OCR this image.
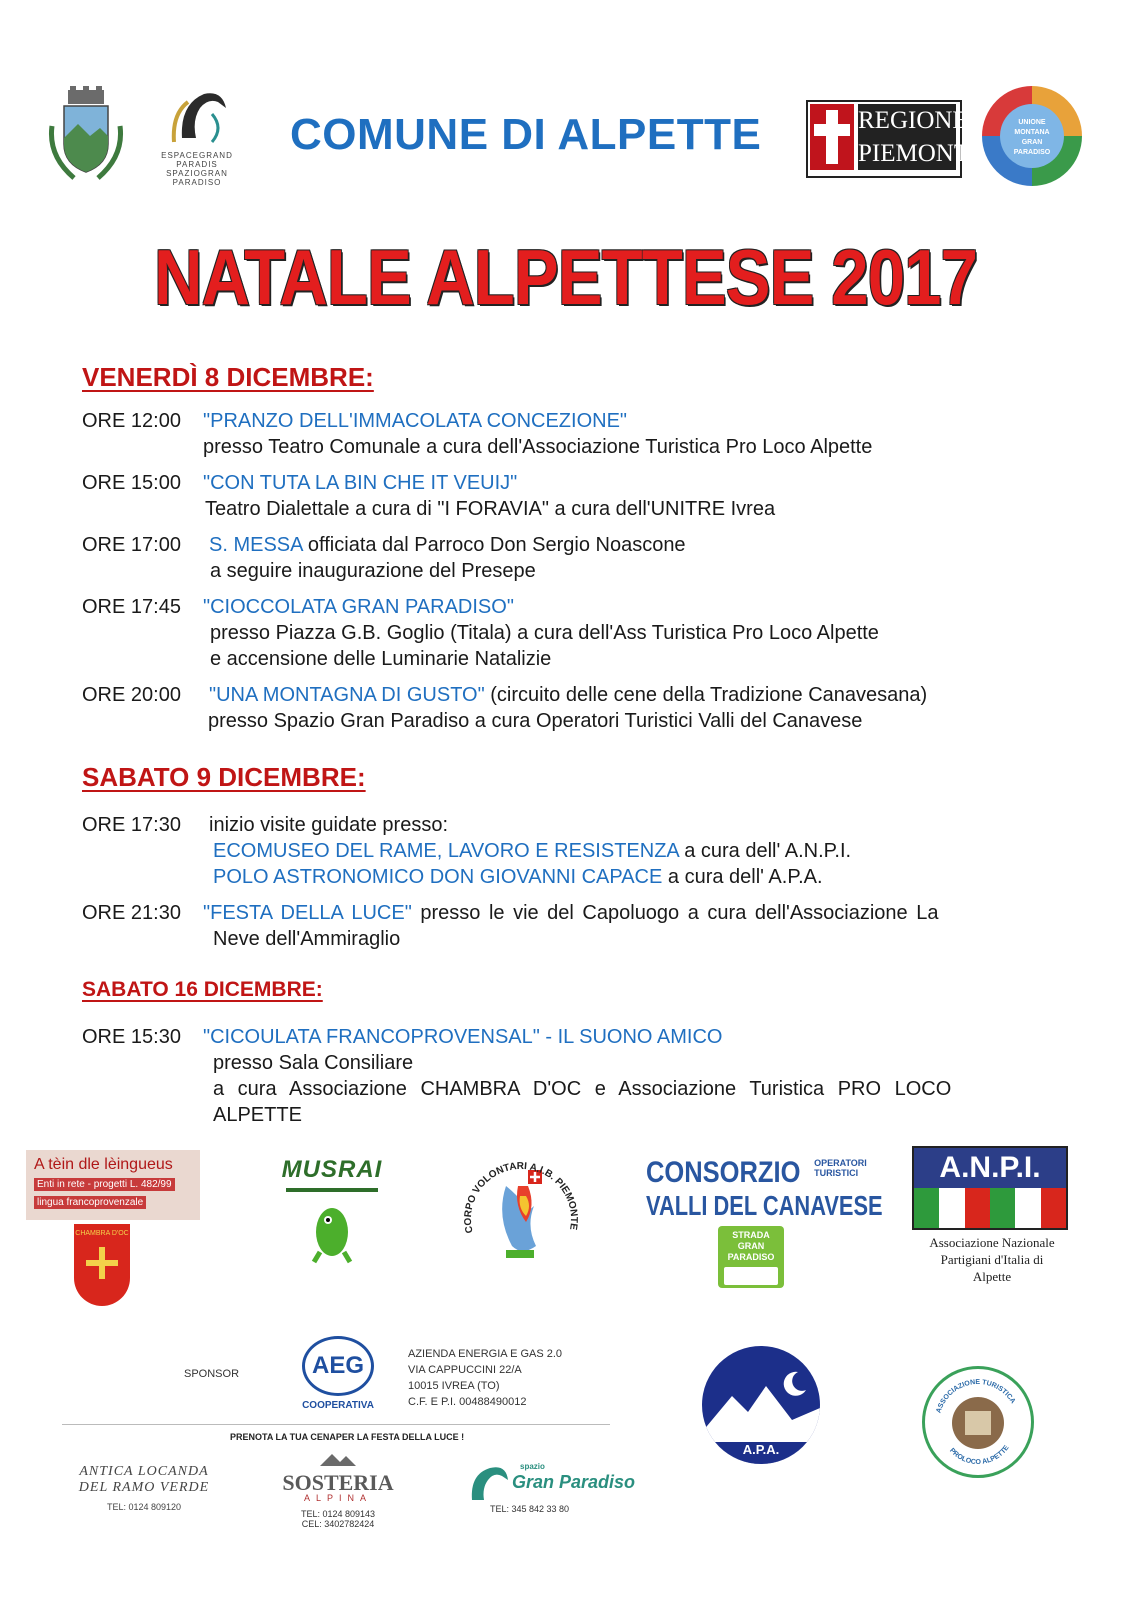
ESPACEGRAND
PARADIS
SPAZIOGRAN
PARADISO
COMUNE DI ALPETTE	REGIONE
PIEMONTE
UNIONE
MONTANA
GRAN
PARADISO
NATALE ALPETTESE 2017
VENERDÌ 8 DICEMBRE:
ORE 12:00 "PRANZO DELL'IMMACOLATA CONCEZIONE"
presso Teatro Comunale a cura dell'Associazione Turistica Pro Loco Alpette
ORE 15:00 "CON TUTA LA BIN CHE IT VEUIJ"
Teatro Dialettale a cura di "I FORAVIA" a cura dell'UNITRE Ivrea
ORE 17:00 S. MESSA officiata dal Parroco Don Sergio Noascone
a seguire inaugurazione del Presepe
ORE 17:45 "CIOCCOLATA GRAN PARADISO"
presso Piazza G.B. Goglio (Titala) a cura dell'Ass Turistica Pro Loco Alpette
e accensione delle Luminarie Natalizie
ORE 20:00 "UNA MONTAGNA DI GUSTO" (circuito delle cene della Tradizione Canavesana)
presso Spazio Gran Paradiso a cura Operatori Turistici Valli del Canavese
SABATO 9 DICEMBRE:
ORE 17:30 inizio visite guidate presso:
ECOMUSEO DEL RAME, LAVORO E RESISTENZA a cura dell' A.N.P.I.
POLO ASTRONOMICO DON GIOVANNI CAPACE a cura dell' A.P.A.
ORE 21:30 "FESTA DELLA LUCE" presso le vie del Capoluogo a cura dell'Associazione La
Neve dell'Ammiraglio
SABATO 16 DICEMBRE:
ORE 15:30 "CICOULATA FRANCOPROVENSAL" - IL SUONO AMICO
presso Sala Consiliare
a cura Associazione CHAMBRA D'OC e Associazione Turistica PRO LOCO
ALPETTE
A tèin dle lèingueus
Enti in rete - progetti L. 482/99 lingua francoprovenzale
CHAMBRA D'OC
MUSRAI
CORPO VOLONTARI A.I.B. PIEMONTE
CONSORZIO OPERATORI
TURISTICI
VALLI DEL CANAVESE
STRADA
GRAN
PARADISO
A.N.P.I.
Associazione Nazionale
Partigiani d'Italia di
Alpette
SPONSOR	AEG
COOPERATIVA
AZIENDA ENERGIA E GAS 2.0
VIA CAPPUCCINI 22/A
10015 IVREA (TO)
C.F. E P.I. 00488490012
A.P.A.
ASSOCIAZIONE TURISTICA
PROLOCO ALPETTE
PRENOTA LA TUA CENAPER LA FESTA DELLA LUCE !
ANTICA LOCANDA
DEL RAMO VERDE
TEL: 0124 809120
SOSTERIA
ALPINA
TEL: 0124 809143
CEL: 3402782424
spazio
Gran Paradiso
TEL: 345 842 33 80
